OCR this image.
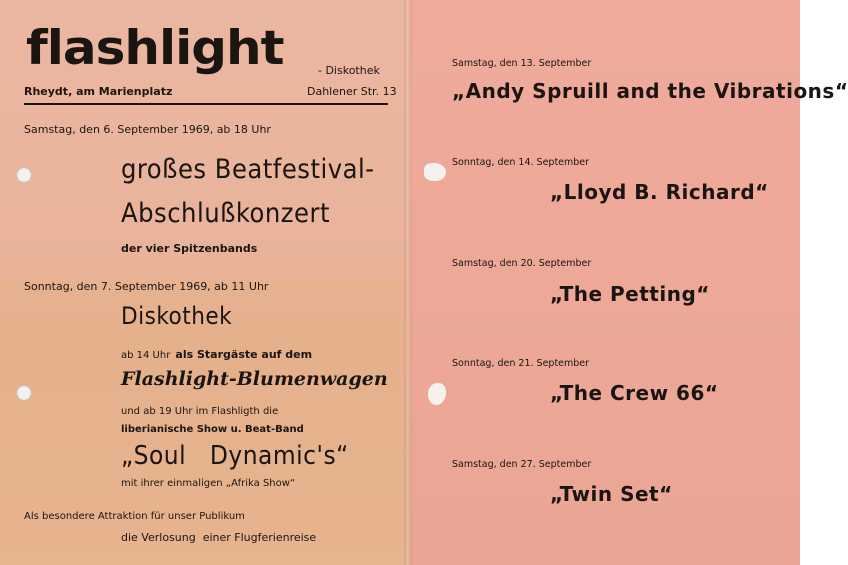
flashlight	- Diskothek
Rheydt, am Marienplatz	Dahlener Str. 13
Samstag, den 6. September 1969, ab 18 Uhr
großes Beatfestival-
Abschlußkonzert
der vier Spitzenbands
Sonntag, den 7. September 1969, ab 11 Uhr
Diskothek
ab 14 Uhr als Stargäste auf dem
Flashlight-Blumenwagen
und ab 19 Uhr im Flashligth die
liberianische Show u. Beat-Band
„Soul   Dynamic's“
mit ihrer einmaligen „Afrika Show“
Als besondere Attraktion für unser Publikum
die Verlosung  einer Flugferienreise
Samstag, den 13. September
„Andy Spruill and the Vibrations“
Sonntag, den 14. September
„Lloyd B. Richard“
Samstag, den 20. September
„The Petting“
Sonntag, den 21. September
„The Crew 66“
Samstag, den 27. September
„Twin Set“
